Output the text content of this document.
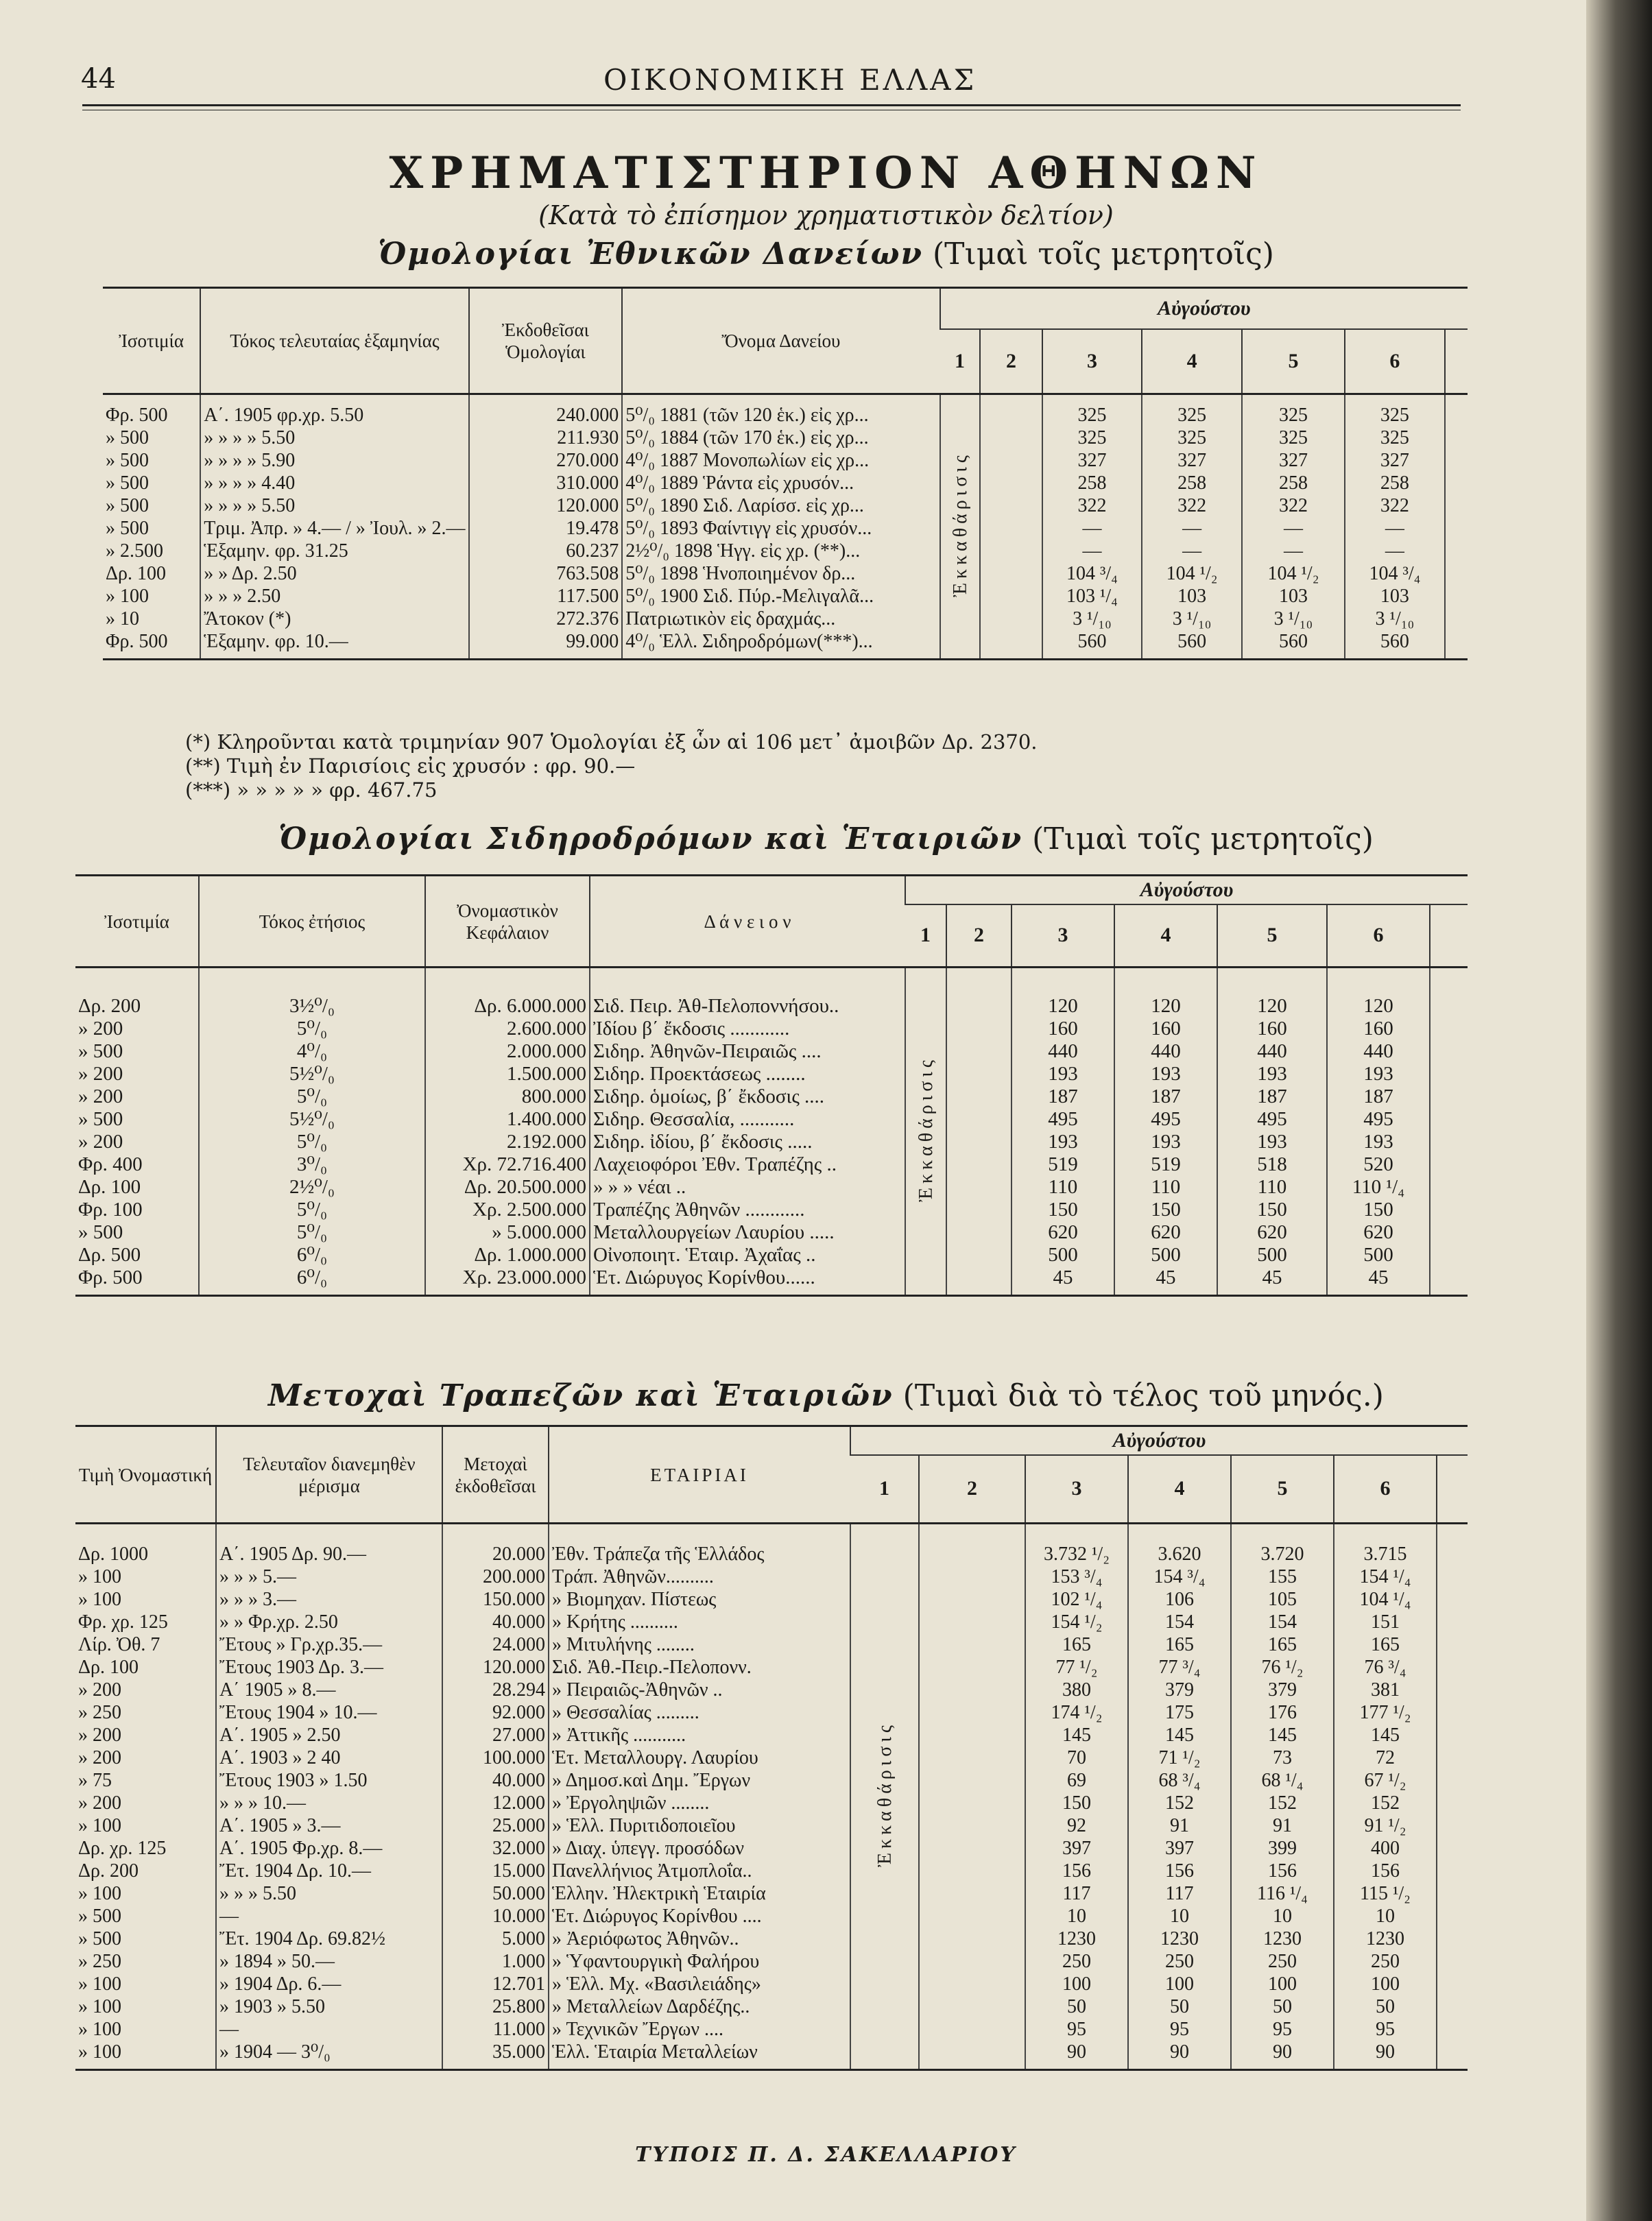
44	ΟΙΚΟΝΟΜΙΚΗ ΕΛΛΑΣ
ΧΡΗΜΑΤΙΣΤΗΡΙΟΝ ΑΘΗΝΩΝ
(Κατὰ τὸ ἐπίσημον χρηματιστικὸν δελτίον)
Ὁμολογίαι Ἐθνικῶν Δανείων (Τιμαὶ τοῖς μετρητοῖς)
Ἰσοτιμία	Τόκος τελευταίας ἑξαμηνίας	Ἐκδοθεῖσαι Ὁμολογίαι	Ὄνομα Δανείου	Αὐγούστου						
				1	2	3	4	5	6	
				Ἐκκαθάρισις						
Φρ. 500	Α΄. 1905 φρ.χρ. 5.50	240.000	5⁰/₀ 1881 (τῶν 120 ἑκ.) εἰς χρ...			325	325	325	325	
» 500	» » » » 5.50	211.930	5⁰/₀ 1884 (τῶν 170 ἑκ.) εἰς χρ...			325	325	325	325	
» 500	» » » » 5.90	270.000	4⁰/₀ 1887 Μονοπωλίων εἰς χρ...			327	327	327	327	
» 500	» » » » 4.40	310.000	4⁰/₀ 1889 Ῥάντα εἰς χρυσόν...			258	258	258	258	
» 500	» » » » 5.50	120.000	5⁰/₀ 1890 Σιδ. Λαρίσσ. εἰς χρ...			322	322	322	322	
» 500	Τριμ. Ἀπρ. » 4.— / » Ἰουλ. » 2.—	19.478	5⁰/₀ 1893 Φαίντιγγ εἰς χρυσόν...			—	—	—	—	
» 2.500	Ἑξαμην. φρ. 31.25	60.237	2½⁰/₀ 1898 Ἡγγ. εἰς χρ. (**)...			—	—	—	—	
Δρ. 100	» » Δρ. 2.50	763.508	5⁰/₀ 1898 Ἡνοποιημένον δρ...			104 ³/₄	104 ¹/₂	104 ¹/₂	104 ³/₄	
» 100	» » » 2.50	117.500	5⁰/₀ 1900 Σιδ. Πύρ.-Μελιγαλᾶ...			103 ¹/₄	103	103	103	
» 10	Ἄτοκον (*)	272.376	Πατριωτικὸν εἰς δραχμάς...			3 ¹/₁₀	3 ¹/₁₀	3 ¹/₁₀	3 ¹/₁₀	
Φρ. 500	Ἑξαμην. φρ. 10.—	99.000	4⁰/₀ Ἑλλ. Σιδηροδρόμων(***)...			560	560	560	560	

(*) Κληροῦνται κατὰ τριμηνίαν 907 Ὁμολογίαι ἐξ ὧν αἱ 106 μετ᾽ ἀμοιβῶν Δρ. 2370.
(**) Τιμὴ ἐν Παρισίοις εἰς χρυσόν : φρ. 90.—
(***) » » » » » φρ. 467.75
Ὁμολογίαι Σιδηροδρόμων καὶ Ἑταιριῶν (Τιμαὶ τοῖς μετρητοῖς)
Ἰσοτιμία	Τόκος ἐτήσιος	Ὀνομαστικὸν Κεφάλαιον	Δ ά ν ε ι ο ν	Αὐγούστου						
				1	2	3	4	5	6	
				Ἐκκαθάρισις						
Δρ. 200	3½⁰/₀	Δρ. 6.000.000	Σιδ. Πειρ. Ἀθ-Πελοποννήσου..			120	120	120	120	
» 200	5⁰/₀	2.600.000	Ἰδίου β΄ ἔκδοσις ............			160	160	160	160	
» 500	4⁰/₀	2.000.000	Σιδηρ. Ἀθηνῶν-Πειραιῶς ....			440	440	440	440	
» 200	5½⁰/₀	1.500.000	Σιδηρ. Προεκτάσεως ........			193	193	193	193	
» 200	5⁰/₀	800.000	Σιδηρ. ὁμοίως, β΄ ἔκδοσις ....			187	187	187	187	
» 500	5½⁰/₀	1.400.000	Σιδηρ. Θεσσαλία, ...........			495	495	495	495	
» 200	5⁰/₀	2.192.000	Σιδηρ. ἰδίου, β΄ ἔκδοσις .....			193	193	193	193	
Φρ. 400	3⁰/₀	Χρ. 72.716.400	Λαχειοφόροι Ἐθν. Τραπέζης ..			519	519	518	520	
Δρ. 100	2½⁰/₀	Δρ. 20.500.000	» » » νέαι ..			110	110	110	110 ¹/₄	
Φρ. 100	5⁰/₀	Χρ. 2.500.000	Τραπέζης Ἀθηνῶν ............			150	150	150	150	
» 500	5⁰/₀	» 5.000.000	Μεταλλουργείων Λαυρίου .....			620	620	620	620	
Δρ. 500	6⁰/₀	Δρ. 1.000.000	Οἰνοποιητ. Ἑταιρ. Ἀχαΐας ..			500	500	500	500	
Φρ. 500	6⁰/₀	Χρ. 23.000.000	Ἑτ. Διώρυγος Κορίνθου......			45	45	45	45	

Μετοχαὶ Τραπεζῶν καὶ Ἑταιριῶν (Τιμαὶ διὰ τὸ τέλος τοῦ μηνός.)
Τιμὴ Ὀνομαστική	Τελευταῖον διανεμηθὲν μέρισμα	Μετοχαὶ ἐκδοθεῖσαι	ΕΤΑΙΡΙΑΙ	Αὐγούστου						
				1	2	3	4	5	6	
				Ἐκκαθάρισις						
Δρ. 1000	Α΄. 1905 Δρ. 90.—	20.000	Ἐθν. Τράπεζα τῆς Ἑλλάδος			3.732 ¹/₂	3.620	3.720	3.715	
» 100	» » » 5.—	200.000	Τράπ. Ἀθηνῶν..........			153 ³/₄	154 ³/₄	155	154 ¹/₄	
» 100	» » » 3.—	150.000	» Βιομηχαν. Πίστεως			102 ¹/₄	106	105	104 ¹/₄	
Φρ. χρ. 125	» » Φρ.χρ. 2.50	40.000	» Κρήτης ..........			154 ¹/₂	154	154	151	
Λίρ. Ὀθ. 7	Ἔτους » Γρ.χρ.35.—	24.000	» Μιτυλήνης ........			165	165	165	165	
Δρ. 100	Ἔτους 1903 Δρ. 3.—	120.000	Σιδ. Ἀθ.-Πειρ.-Πελοπονν.			77 ¹/₂	77 ³/₄	76 ¹/₂	76 ³/₄	
» 200	Α΄ 1905 » 8.—	28.294	» Πειραιῶς-Ἀθηνῶν ..			380	379	379	381	
» 250	Ἔτους 1904 » 10.—	92.000	» Θεσσαλίας .........			174 ¹/₂	175	176	177 ¹/₂	
» 200	Α΄. 1905 » 2.50	27.000	» Ἀττικῆς ...........			145	145	145	145	
» 200	Α΄. 1903 » 2 40	100.000	Ἑτ. Μεταλλουργ. Λαυρίου			70	71 ¹/₂	73	72	
» 75	Ἔτους 1903 » 1.50	40.000	» Δημοσ.καὶ Δημ. Ἔργων			69	68 ³/₄	68 ¹/₄	67 ¹/₂	
» 200	» » » 10.—	12.000	» Ἐργοληψιῶν ........			150	152	152	152	
» 100	Α΄. 1905 » 3.—	25.000	» Ἑλλ. Πυριτιδοποιεῖου			92	91	91	91 ¹/₂	
Δρ. χρ. 125	Α΄. 1905 Φρ.χρ. 8.—	32.000	» Διαχ. ὑπεγγ. προσόδων			397	397	399	400	
Δρ. 200	Ἔτ. 1904 Δρ. 10.—	15.000	Πανελλήνιος Ἀτμοπλοΐα..			156	156	156	156	
» 100	» » » 5.50	50.000	Ἑλλην. Ἠλεκτρικὴ Ἑταιρία			117	117	116 ¹/₄	115 ¹/₂	
» 500	—	10.000	Ἑτ. Διώρυγος Κορίνθου ....			10	10	10	10	
» 500	Ἔτ. 1904 Δρ. 69.82½	5.000	» Ἀεριόφωτος Ἀθηνῶν..			1230	1230	1230	1230	
» 250	» 1894 » 50.—	1.000	» Ὑφαντουργικὴ Φαλήρου			250	250	250	250	
» 100	» 1904 Δρ. 6.—	12.701	» Ἑλλ. Μχ. «Βασιλειάδης»			100	100	100	100	
» 100	» 1903 » 5.50	25.800	» Μεταλλείων Δαρδέζης..			50	50	50	50	
» 100	—	11.000	» Τεχνικῶν Ἔργων ....			95	95	95	95	
» 100	» 1904 — 3⁰/₀	35.000	Ἑλλ. Ἑταιρία Μεταλλείων			90	90	90	90	

ΤΥΠΟΙΣ Π. Δ. ΣΑΚΕΛΛΑΡΙΟΥ
